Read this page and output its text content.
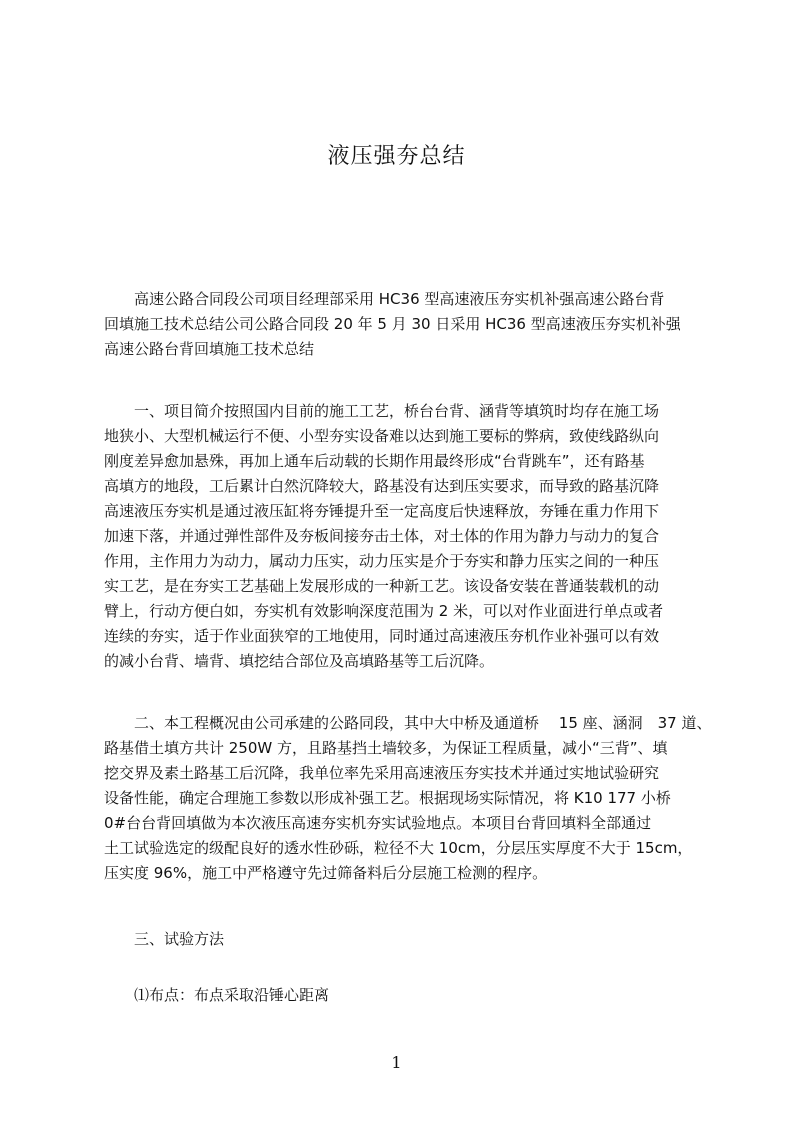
液压强夯总结

　　高速公路合同段公司项目经理部采用 HC36 型高速液压夯实机补强高速公路台背
回填施工技术总结公司公路合同段 20 年 5 月 30 日采用 HC36 型高速液压夯实机补强
高速公路台背回填施工技术总结

　　一、项目简介按照国内目前的施工工艺，桥台台背、涵背等填筑时均存在施工场
地狭小、大型机械运行不便、小型夯实设备难以达到施工要标的弊病，致使线路纵向
刚度差异愈加悬殊，再加上通车后动载的长期作用最终形成“台背跳车”，还有路基
高填方的地段，工后累计白然沉降较大，路基没有达到压实要求，而导致的路基沉降
高速液压夯实机是通过液压缸将夯锤提升至一定高度后快速释放，夯锤在重力作用下
加速下落，并通过弹性部件及夯板间接夯击土体，对土体的作用为静力与动力的复合
作用，主作用力为动力，属动力压实，动力压实是介于夯实和静力压实之间的一种压
实工艺，是在夯实工艺基础上发展形成的一种新工艺。该设备安装在普通装载机的动
臂上，行动方便白如，夯实机有效影响深度范围为 2 米，可以对作业面进行单点或者
连续的夯实，适于作业面狭窄的工地使用，同时通过高速液压夯机作业补强可以有效
的减小台背、墙背、填挖结合部位及高填路基等工后沉降。

　　二、本工程概况由公司承建的公路同段，其中大中桥及通道桥　 15 座、涵洞　37 道、
路基借土填方共计 250W 方，且路基挡土墙较多，为保证工程质量，减小“三背”、填
挖交界及素土路基工后沉降，我单位率先采用高速液压夯实技术并通过实地试验研究
设备性能，确定合理施工参数以形成补强工艺。根据现场实际情况，将 K10 177 小桥
0#台台背回填做为本次液压高速夯实机夯实试验地点。本项目台背回填料全部通过
土工试验选定的级配良好的透水性砂砾，粒径不大 10cm，分层压实厚度不大于 15cm，
压实度 96%，施工中严格遵守先过筛备料后分层施工检测的程序。

　　三、试验方法

　　⑴布点：布点采取沿锤心距离

1
